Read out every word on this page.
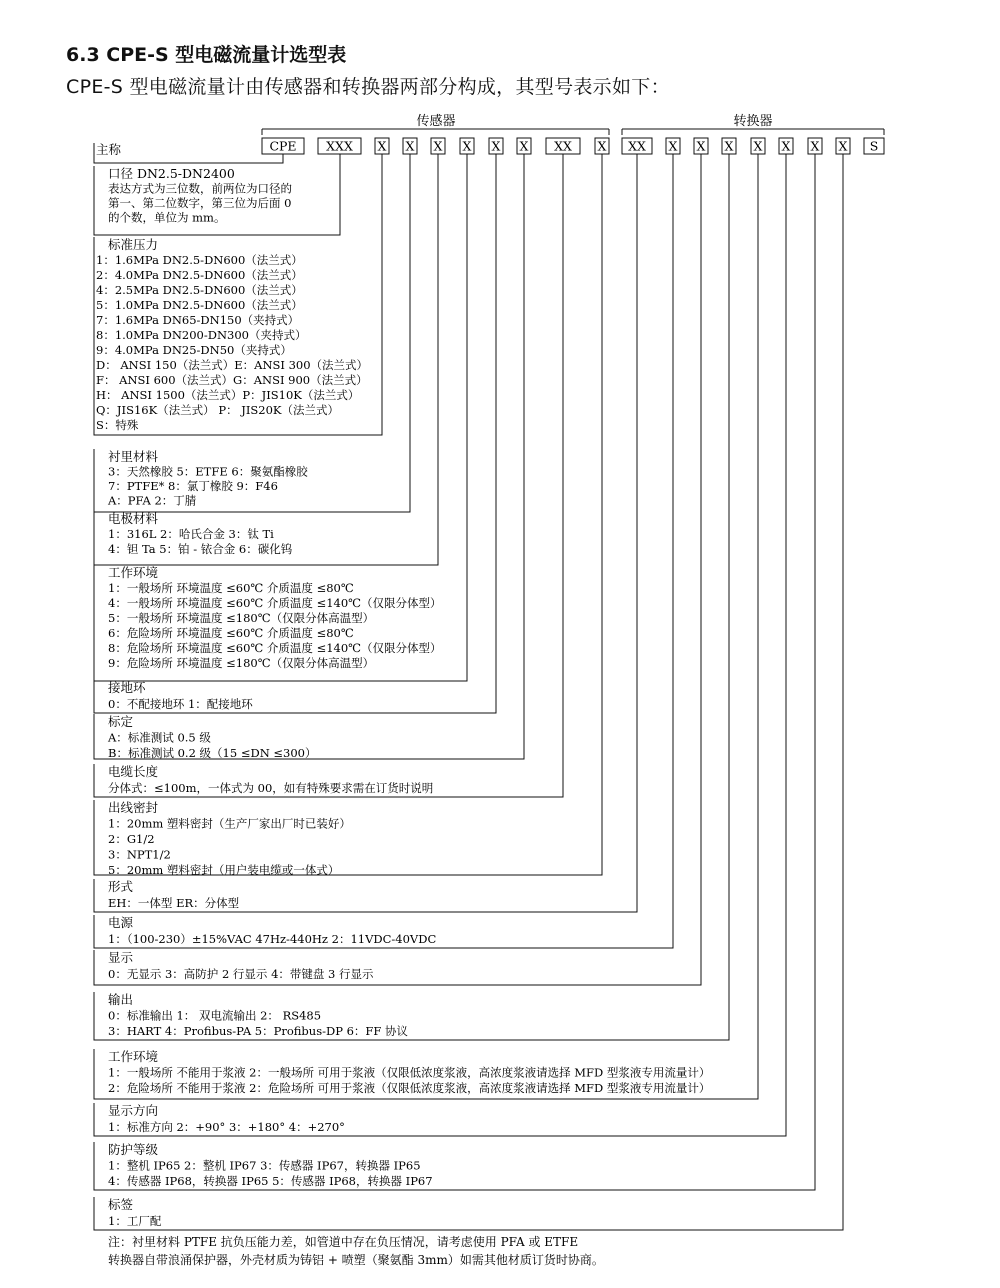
6.3 CPE-S 型电磁流量计选型表
CPE-S 型电磁流量计由传感器和转换器两部分构成，其型号表示如下：
CPE XXX X X X X X X XX X XX X X X X X X X S
传感器	转换器
主称
口径 DN2.5-DN2400
表达方式为三位数，前两位为口径的
第一、第二位数字，第三位为后面 0
的个数，单位为 mm。
标准压力
1：1.6MPa DN2.5-DN600（法兰式）
2：4.0MPa DN2.5-DN600（法兰式）
4：2.5MPa DN2.5-DN600（法兰式）
5：1.0MPa DN2.5-DN600（法兰式）
7：1.6MPa DN65-DN150（夹持式）
8：1.0MPa DN200-DN300（夹持式）
9：4.0MPa DN25-DN50（夹持式）
D： ANSI 150（法兰式）E：ANSI 300（法兰式）
F： ANSI 600（法兰式）G：ANSI 900（法兰式）
H： ANSI 1500（法兰式）P：JIS10K（法兰式）
Q：JIS16K（法兰式） P： JIS20K（法兰式）
S：特殊
衬里材料
3：天然橡胶 5：ETFE 6：聚氨酯橡胶
7：PTFE* 8：氯丁橡胶 9：F46
A：PFA 2：丁腈
电极材料
1：316L 2：哈氏合金 3：钛 Ti
4：钽 Ta 5：铂 - 铱合金 6：碳化钨
工作环境
1：一般场所 环境温度 ≤60℃ 介质温度 ≤80℃
4：一般场所 环境温度 ≤60℃ 介质温度 ≤140℃（仅限分体型）
5：一般场所 环境温度 ≤180℃（仅限分体高温型）
6：危险场所 环境温度 ≤60℃ 介质温度 ≤80℃
8：危险场所 环境温度 ≤60℃ 介质温度 ≤140℃（仅限分体型）
9：危险场所 环境温度 ≤180℃（仅限分体高温型）
接地环
0：不配接地环 1：配接地环
标定
A：标准测试 0.5 级
B：标准测试 0.2 级（15 ≤DN ≤300）
电缆长度
分体式：≤100m，一体式为 00，如有特殊要求需在订货时说明
出线密封
1：20mm 塑料密封（生产厂家出厂时已装好）
2：G1/2
3：NPT1/2
5：20mm 塑料密封（用户装电缆或一体式）
形式
EH：一体型 ER：分体型
电源
1：（100-230）±15%VAC 47Hz-440Hz 2：11VDC-40VDC
显示
0：无显示 3：高防护 2 行显示 4：带键盘 3 行显示
输出
0：标准输出 1： 双电流输出 2： RS485
3：HART 4：Profibus-PA 5：Profibus-DP 6：FF 协议
工作环境
1：一般场所 不能用于浆液 2：一般场所 可用于浆液（仅限低浓度浆液，高浓度浆液请选择 MFD 型浆液专用流量计）
2：危险场所 不能用于浆液 2：危险场所 可用于浆液（仅限低浓度浆液，高浓度浆液请选择 MFD 型浆液专用流量计）
显示方向
1：标准方向 2：+90° 3：+180° 4：+270°
防护等级
1：整机 IP65 2：整机 IP67 3：传感器 IP67，转换器 IP65
4：传感器 IP68，转换器 IP65 5：传感器 IP68，转换器 IP67
标签
1：工厂配
注：衬里材料 PTFE 抗负压能力差，如管道中存在负压情况，请考虑使用 PFA 或 ETFE
转换器自带浪涌保护器，外壳材质为铸铝 + 喷塑（聚氨酯 3mm）如需其他材质订货时协商。
